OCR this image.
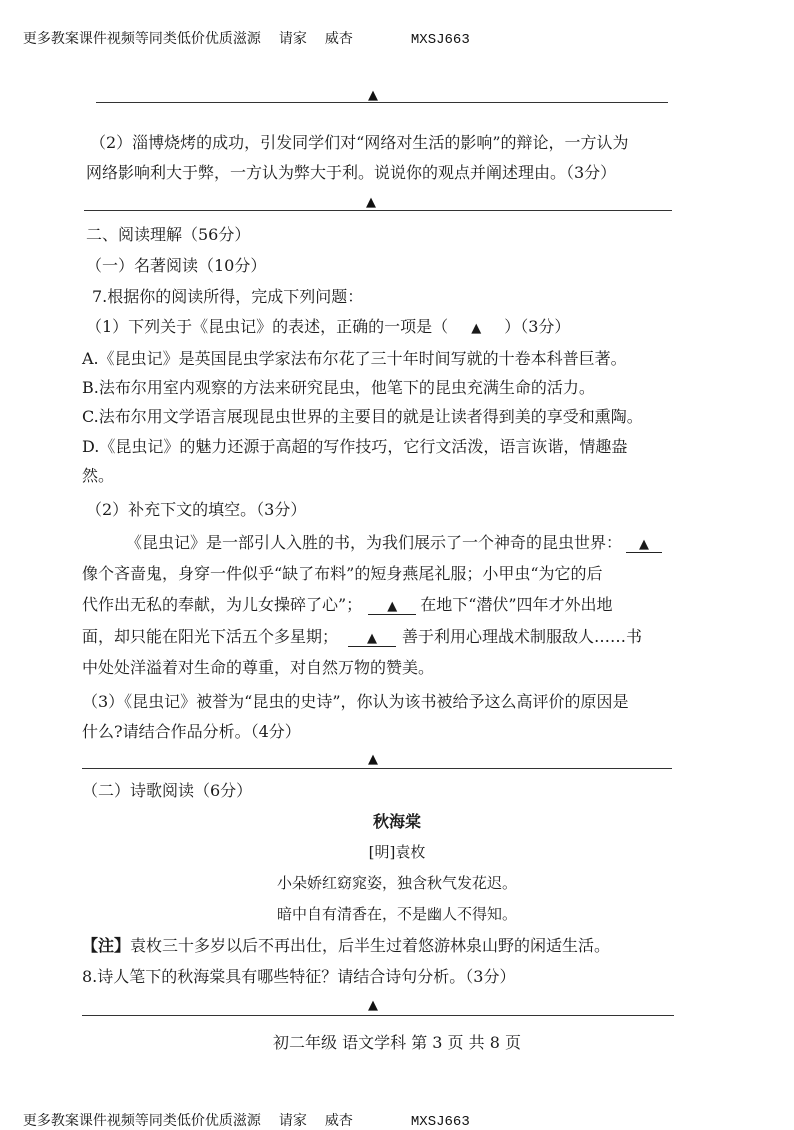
更多教案课件视频等同类低价优质滋源 请家 威杏	MXSJ663

▲
（2）淄博烧烤的成功，引发同学们对“网络对生活的影响”的辩论，一方认为
网络影响利大于弊，一方认为弊大于利。说说你的观点并阐述理由。（3分）
▲
二、阅读理解（56分）
（一）名著阅读（10分）
7.根据你的阅读所得，完成下列问题：
（1）下列关于《昆虫记》的表述，正确的一项是（ ▲ ）（3分）
A.《昆虫记》是英国昆虫学家法布尔花了三十年时间写就的十卷本科普巨著。
B.法布尔用室内观察的方法来研究昆虫，他笔下的昆虫充满生命的活力。
C.法布尔用文学语言展现昆虫世界的主要目的就是让读者得到美的享受和熏陶。
D.《昆虫记》的魅力还源于高超的写作技巧，它行文活泼，语言诙谐，情趣盎
然。
（2）补充下文的填空。（3分）
《昆虫记》是一部引人入胜的书，为我们展示了一个神奇的昆虫世界： ▲
像个吝啬鬼，身穿一件似乎“缺了布料”的短身燕尾礼服；小甲虫“为它的后
代作出无私的奉献，为儿女操碎了心”； ▲ 在地下“潜伏”四年才外出地
面，却只能在阳光下活五个多星期； ▲ 善于利用心理战术制服敌人……书
中处处洋溢着对生命的尊重，对自然万物的赞美。
（3）《昆虫记》被誉为“昆虫的史诗”，你认为该书被给予这么高评价的原因是
什么?请结合作品分析。（4分）
▲
（二）诗歌阅读（6分）
秋海棠
[明]袁枚
小朵娇红窈窕姿，独含秋气发花迟。
暗中自有清香在，不是幽人不得知。
【注】袁枚三十多岁以后不再出仕，后半生过着悠游林泉山野的闲适生活。
8.诗人笔下的秋海棠具有哪些特征？请结合诗句分析。（3分）
▲
初二年级 语文学科 第 3 页 共 8 页

更多教案课件视频等同类低价优质滋源 请家 威杏	MXSJ663
